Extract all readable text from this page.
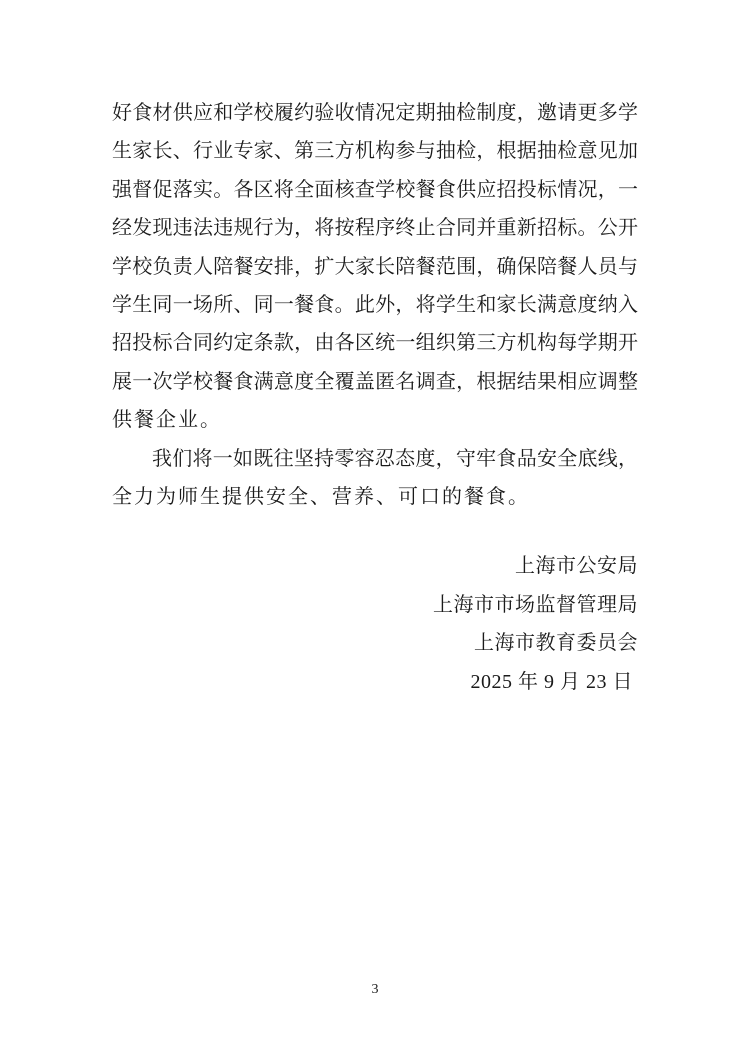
好食材供应和学校履约验收情况定期抽检制度，邀请更多学
生家长、行业专家、第三方机构参与抽检，根据抽检意见加
强督促落实。各区将全面核查学校餐食供应招投标情况，一
经发现违法违规行为，将按程序终止合同并重新招标。公开
学校负责人陪餐安排，扩大家长陪餐范围，确保陪餐人员与
学生同一场所、同一餐食。此外，将学生和家长满意度纳入
招投标合同约定条款，由各区统一组织第三方机构每学期开
展一次学校餐食满意度全覆盖匿名调查，根据结果相应调整
供餐企业。
我们将一如既往坚持零容忍态度，守牢食品安全底线，
全力为师生提供安全、营养、可口的餐食。
上海市公安局
上海市市场监督管理局
上海市教育委员会
2025 年 9 月 23 日
3
